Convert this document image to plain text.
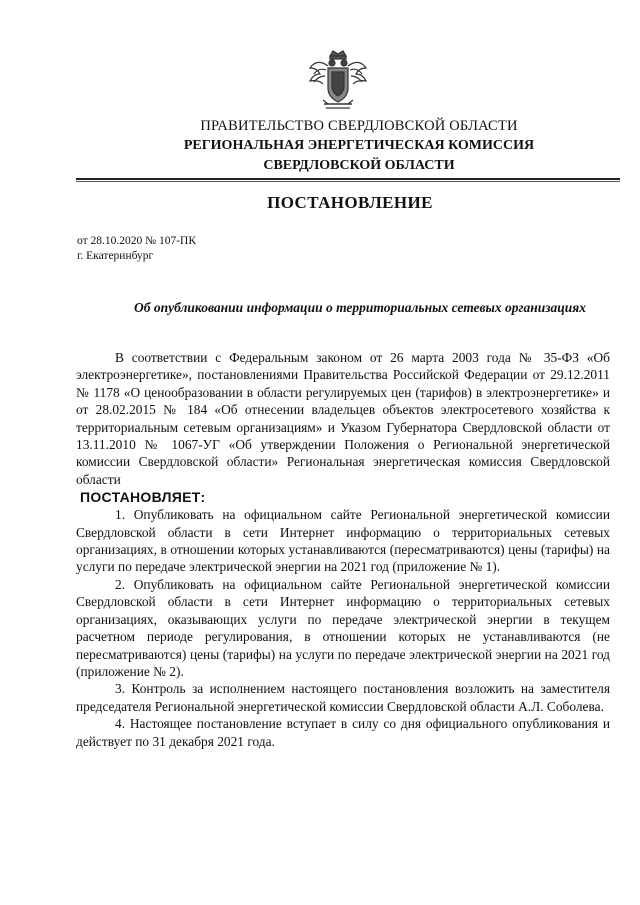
ПРАВИТЕЛЬСТВО СВЕРДЛОВСКОЙ ОБЛАСТИ
РЕГИОНАЛЬНАЯ ЭНЕРГЕТИЧЕСКАЯ КОМИССИЯ
СВЕРДЛОВСКОЙ ОБЛАСТИ
ПОСТАНОВЛЕНИЕ
от 28.10.2020 № 107-ПК
г. Екатеринбург
Об опубликовании информации о территориальных сетевых организациях

В соответствии с Федеральным законом от 26 марта 2003 года № 35-ФЗ «Об электроэнергетике», постановлениями Правительства Российской Федерации от 29.12.2011 № 1178 «О ценообразовании в области регулируемых цен (тарифов) в электроэнергетике» и от 28.02.2015 № 184 «Об отнесении владельцев объектов электросетевого хозяйства к территориальным сетевым организациям» и Указом Губернатора Свердловской области от 13.11.2010 № 1067-УГ «Об утверждении Положения о Региональной энергетической комиссии Свердловской области» Региональная энергетическая комиссия Свердловской области

ПОСТАНОВЛЯЕТ:

1. Опубликовать на официальном сайте Региональной энергетической комиссии Свердловской области в сети Интернет информацию о территориальных сетевых организациях, в отношении которых устанавливаются (пересматриваются) цены (тарифы) на услуги по передаче электрической энергии на 2021 год (приложение № 1).

2. Опубликовать на официальном сайте Региональной энергетической комиссии Свердловской области в сети Интернет информацию о территориальных сетевых организациях, оказывающих услуги по передаче электрической энергии в текущем расчетном периоде регулирования, в отношении которых не устанавливаются (не пересматриваются) цены (тарифы) на услуги по передаче электрической энергии на 2021 год (приложение № 2).

3. Контроль за исполнением настоящего постановления возложить на заместителя председателя Региональной энергетической комиссии Свердловской области А.Л. Соболева.

4. Настоящее постановление вступает в силу со дня официального опубликования и действует по 31 декабря 2021 года.
